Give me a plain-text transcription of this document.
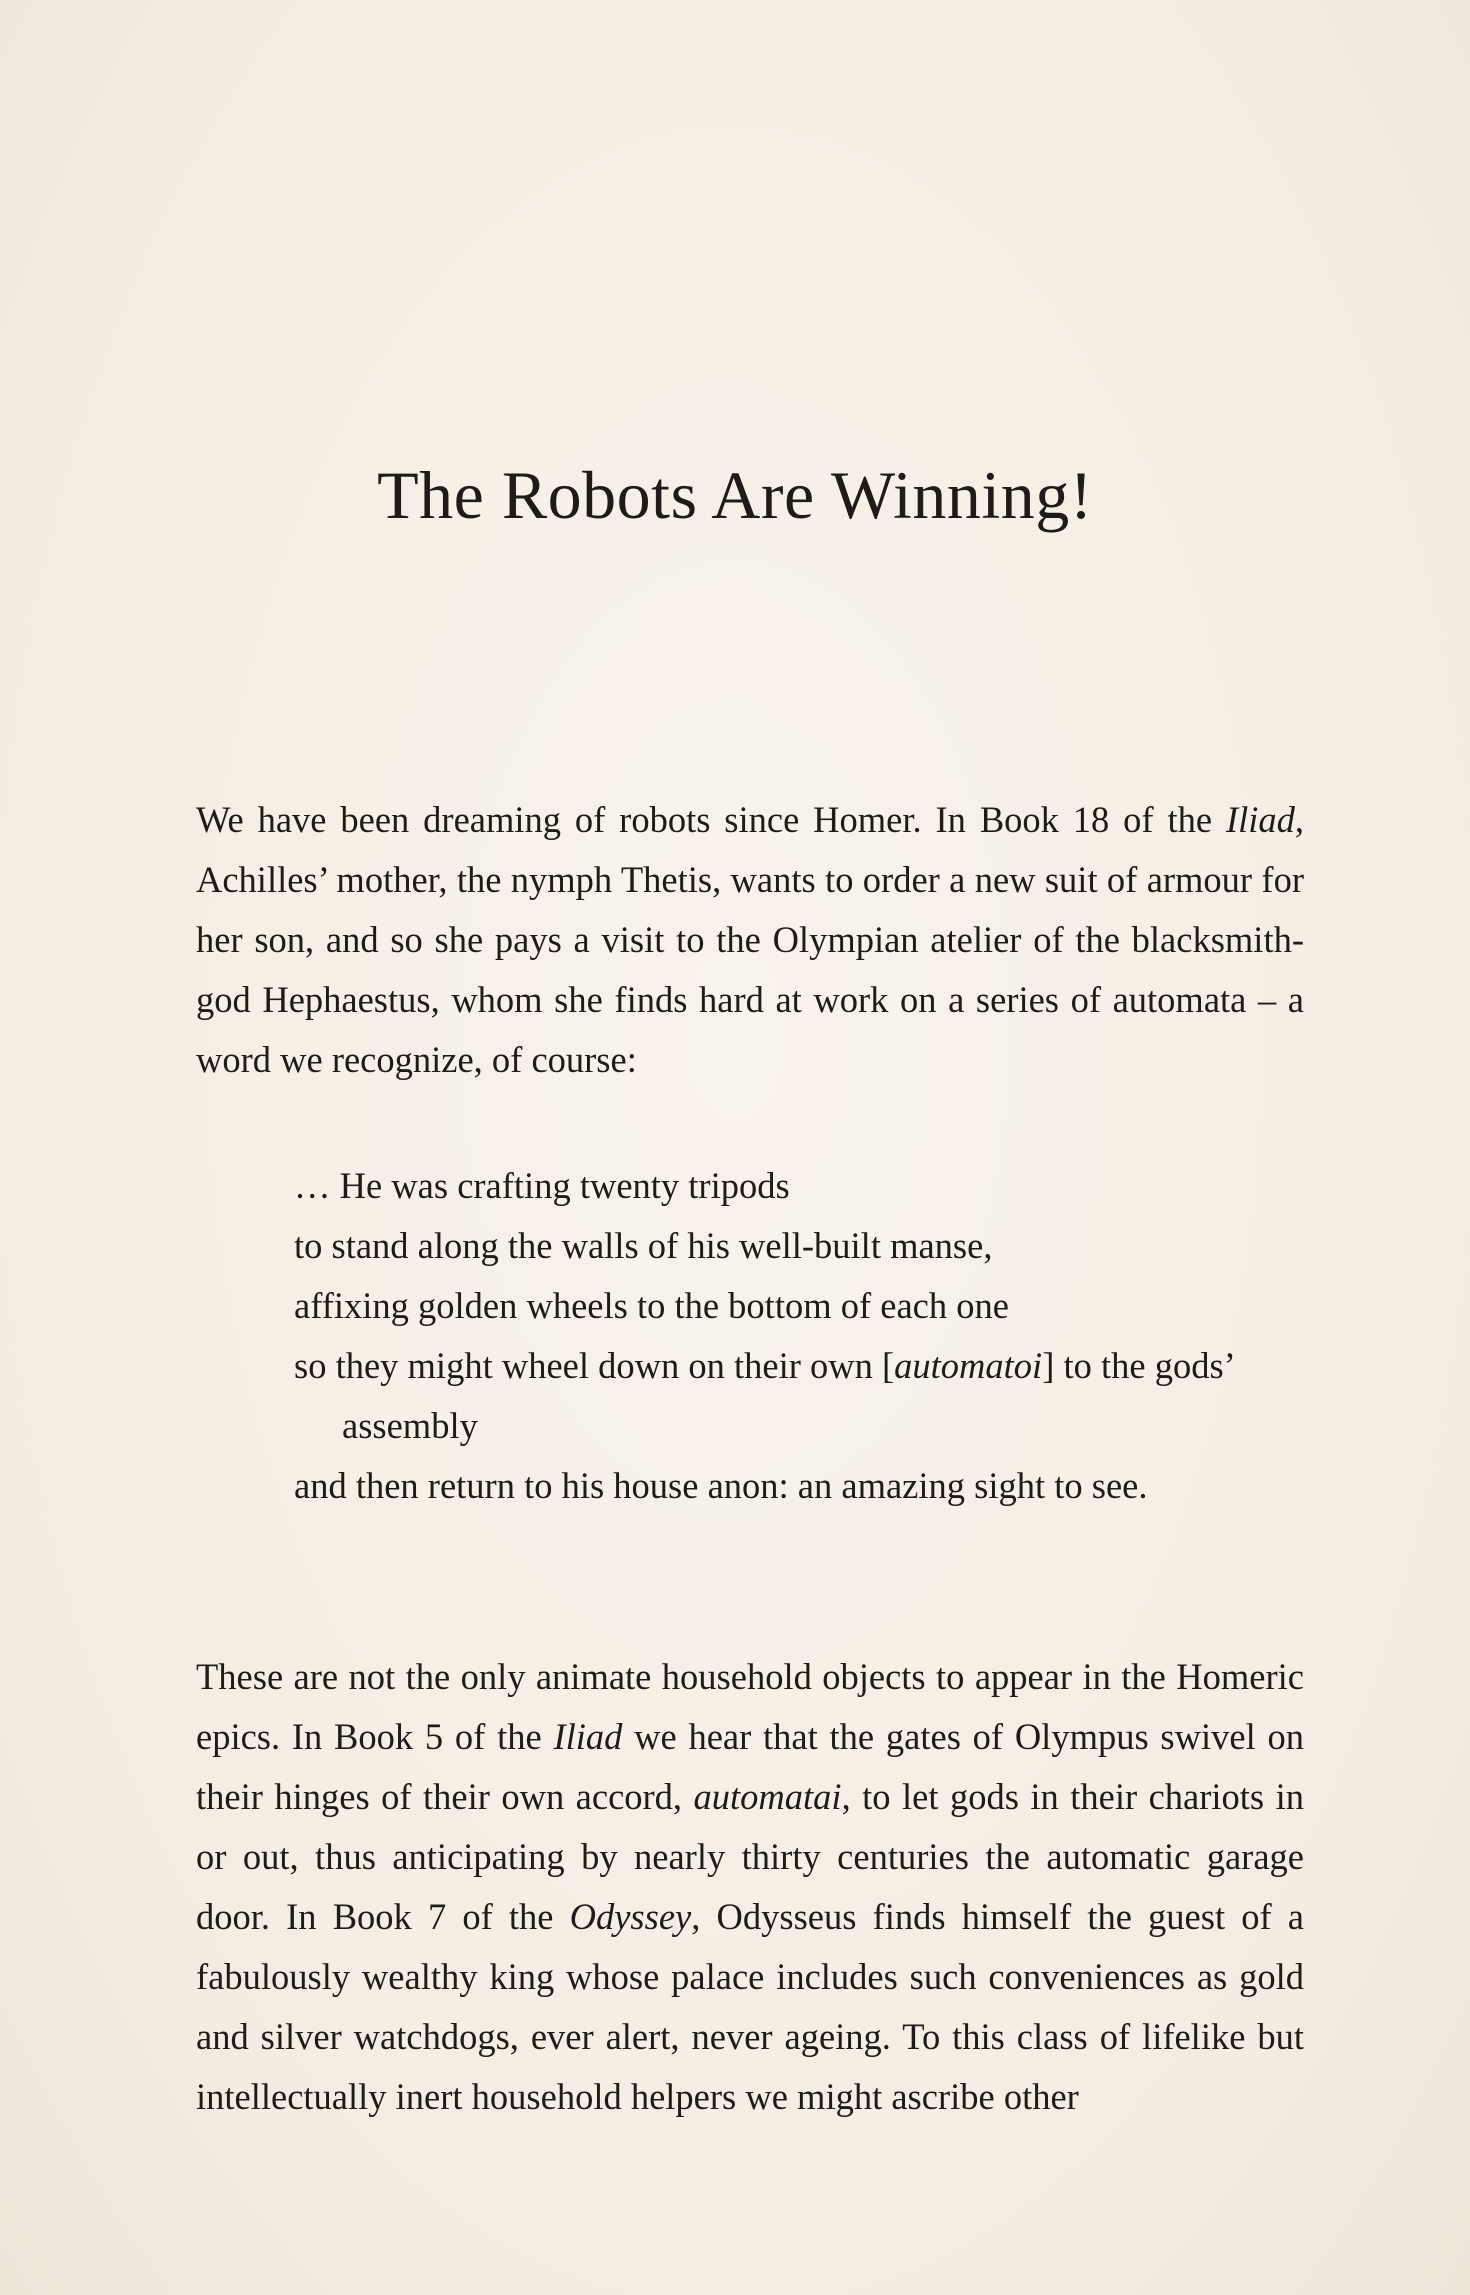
The Robots Are Winning!

We have been dreaming of robots since Homer. In Book 18 of the Iliad, Achilles’ mother, the nymph Thetis, wants to order a new suit of armour for her son, and so she pays a visit to the Olympian atelier of the blacksmith-god Hephaestus, whom she finds hard at work on a series of automata – a word we recognize, of course:

… He was crafting twenty tripods
to stand along the walls of his well-built manse,
affixing golden wheels to the bottom of each one
so they might wheel down on their own [automatoi] to the gods’ assembly
and then return to his house anon: an amazing sight to see.

These are not the only animate household objects to appear in the Homeric epics. In Book 5 of the Iliad we hear that the gates of Olympus swivel on their hinges of their own accord, automatai, to let gods in their chariots in or out, thus anticipating by nearly thirty centuries the automatic garage door. In Book 7 of the Odyssey, Odysseus finds himself the guest of a fabulously wealthy king whose palace includes such conveniences as gold and silver watchdogs, ever alert, never ageing. To this class of lifelike but intellectually inert household helpers we might ascribe other
